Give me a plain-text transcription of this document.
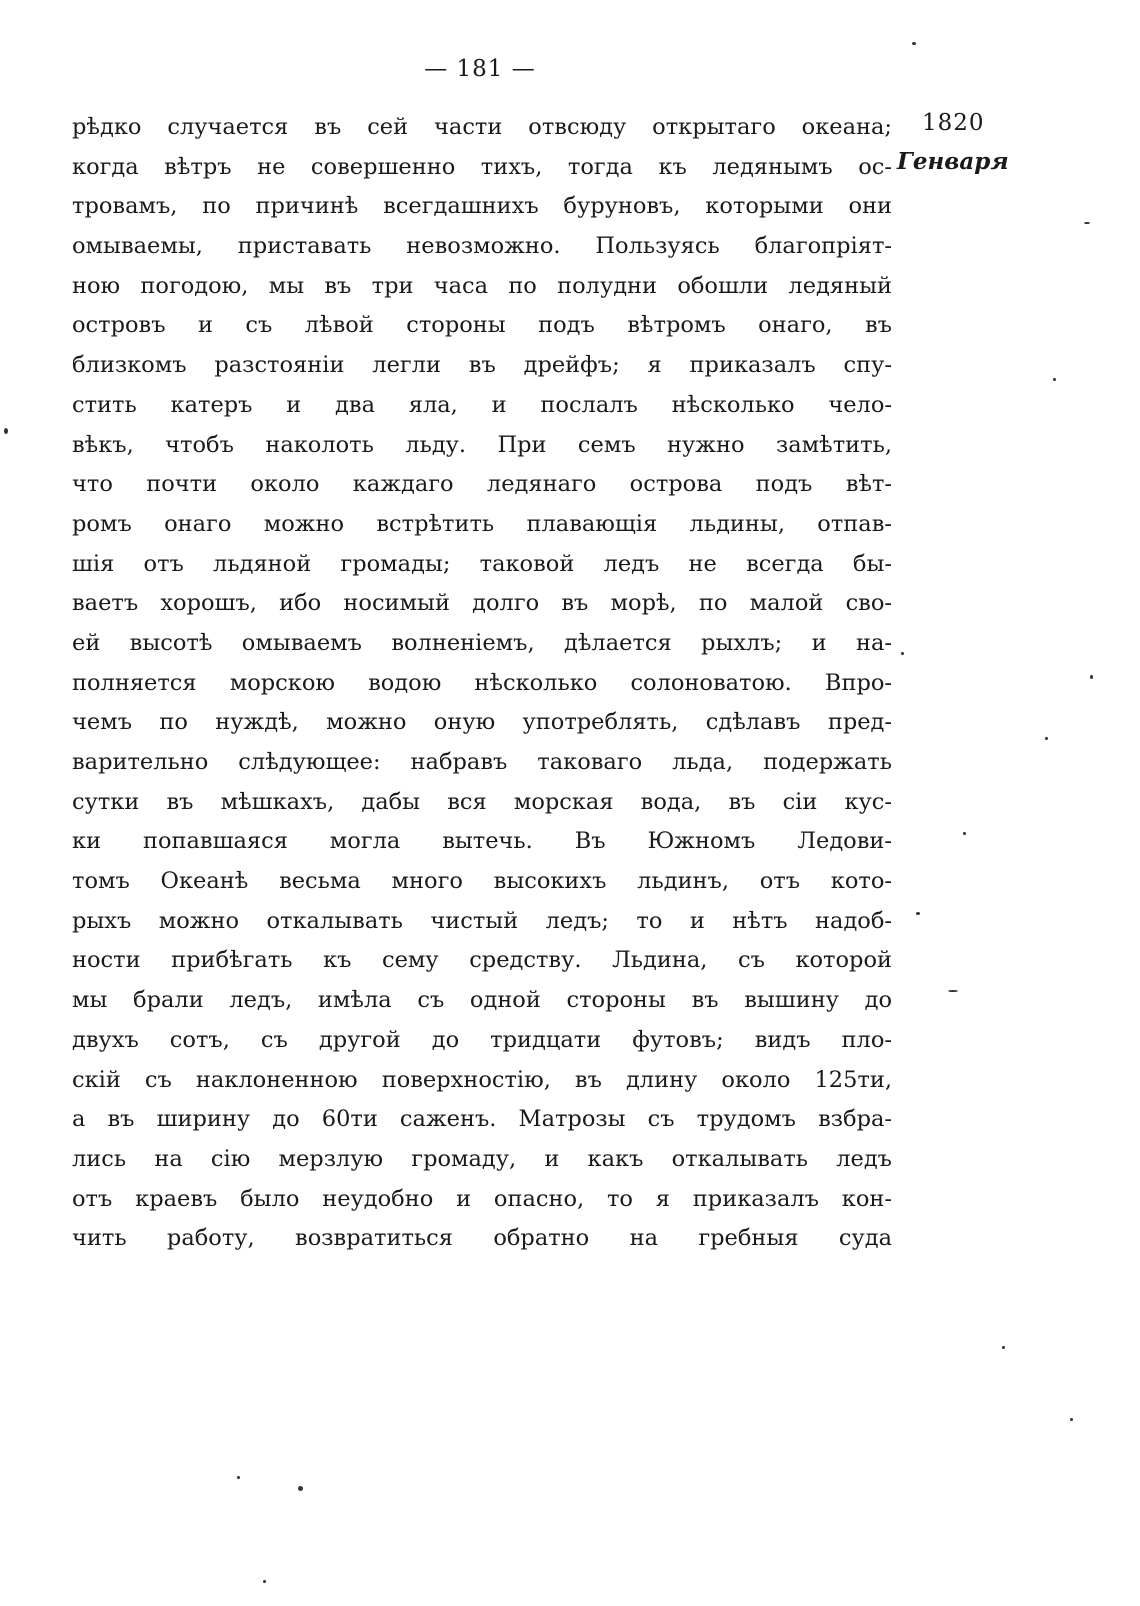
— 181 —
1820
Генваря
рѣдко случается въ сей части отвсюду открытаго океана;
когда вѣтръ не совершенно тихъ, тогда къ ледянымъ ос-
тровамъ, по причинѣ всегдашнихъ буруновъ, которыми они
омываемы, приставать невозможно. Пользуясь благопріят-
ною погодою, мы въ три часа по полудни обошли ледяный
островъ и съ лѣвой стороны подъ вѣтромъ онаго, въ
близкомъ разстояніи легли въ дрейфъ; я приказалъ спу-
стить катеръ и два яла, и послалъ нѣсколько чело-
вѣкъ, чтобъ наколоть льду. При семъ нужно замѣтить,
что почти около каждаго ледянаго острова подъ вѣт-
ромъ онаго можно встрѣтить плавающія льдины, отпав-
шія отъ льдяной громады; таковой ледъ не всегда бы-
ваетъ хорошъ, ибо носимый долго въ морѣ, по малой сво-
ей высотѣ омываемъ волненіемъ, дѣлается рыхлъ; и на-
полняется морскою водою нѣсколько солоноватою. Впро-
чемъ по нуждѣ, можно оную употреблять, сдѣлавъ пред-
варительно слѣдующее: набравъ таковаго льда, подержать
сутки въ мѣшкахъ, дабы вся морская вода, въ сіи кус-
ки попавшаяся могла вытечь. Въ Южномъ Ледови-
томъ Океанѣ весьма много высокихъ льдинъ, отъ кото-
рыхъ можно откалывать чистый ледъ; то и нѣтъ надоб-
ности прибѣгать къ сему средству. Льдина, съ которой
мы брали ледъ, имѣла съ одной стороны въ вышину до
двухъ сотъ, съ другой до тридцати футовъ; видъ пло-
скій съ наклоненною поверхностію, въ длину около 125ти,
а въ ширину до 60ти саженъ. Матрозы съ трудомъ взбра-
лись на сію мерзлую громаду, и какъ откалывать ледъ
отъ краевъ было неудобно и опасно, то я приказалъ кон-
чить работу, возвратиться обратно на гребныя суда
